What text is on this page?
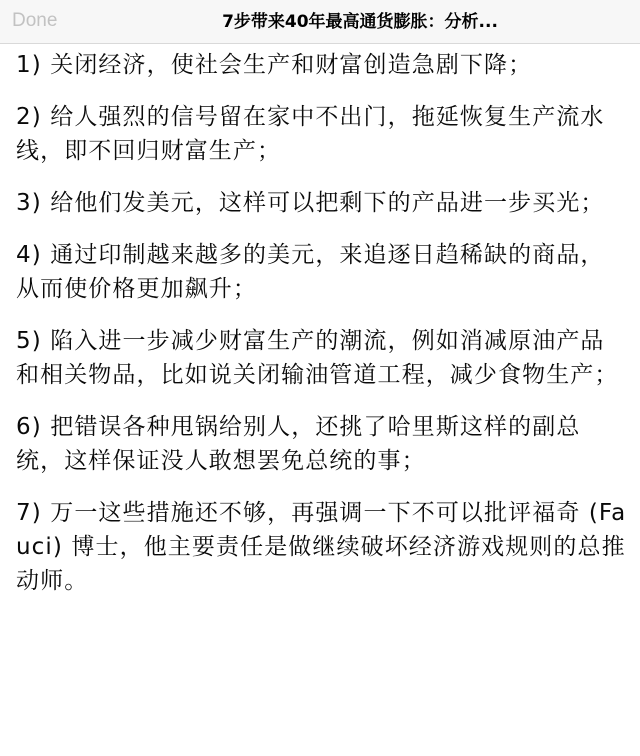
Done	7步带来40年最高通货膨胀：分析...

1) 关闭经济，使社会生产和财富创造急剧下降；

2) 给人强烈的信号留在家中不出门，拖延恢复生产流水线，即不回归财富生产；

3) 给他们发美元，这样可以把剩下的产品进一步买光；

4) 通过印制越来越多的美元，来追逐日趋稀缺的商品，从而使价格更加飙升；

5) 陷入进一步减少财富生产的潮流，例如消减原油产品和相关物品，比如说关闭输油管道工程，减少食物生产；

6) 把错误各种甩锅给别人，还挑了哈里斯这样的副总统，这样保证没人敢想罢免总统的事；

7) 万一这些措施还不够，再强调一下不可以批评福奇 (Fauci) 博士，他主要责任是做继续破坏经济游戏规则的总推动师。
